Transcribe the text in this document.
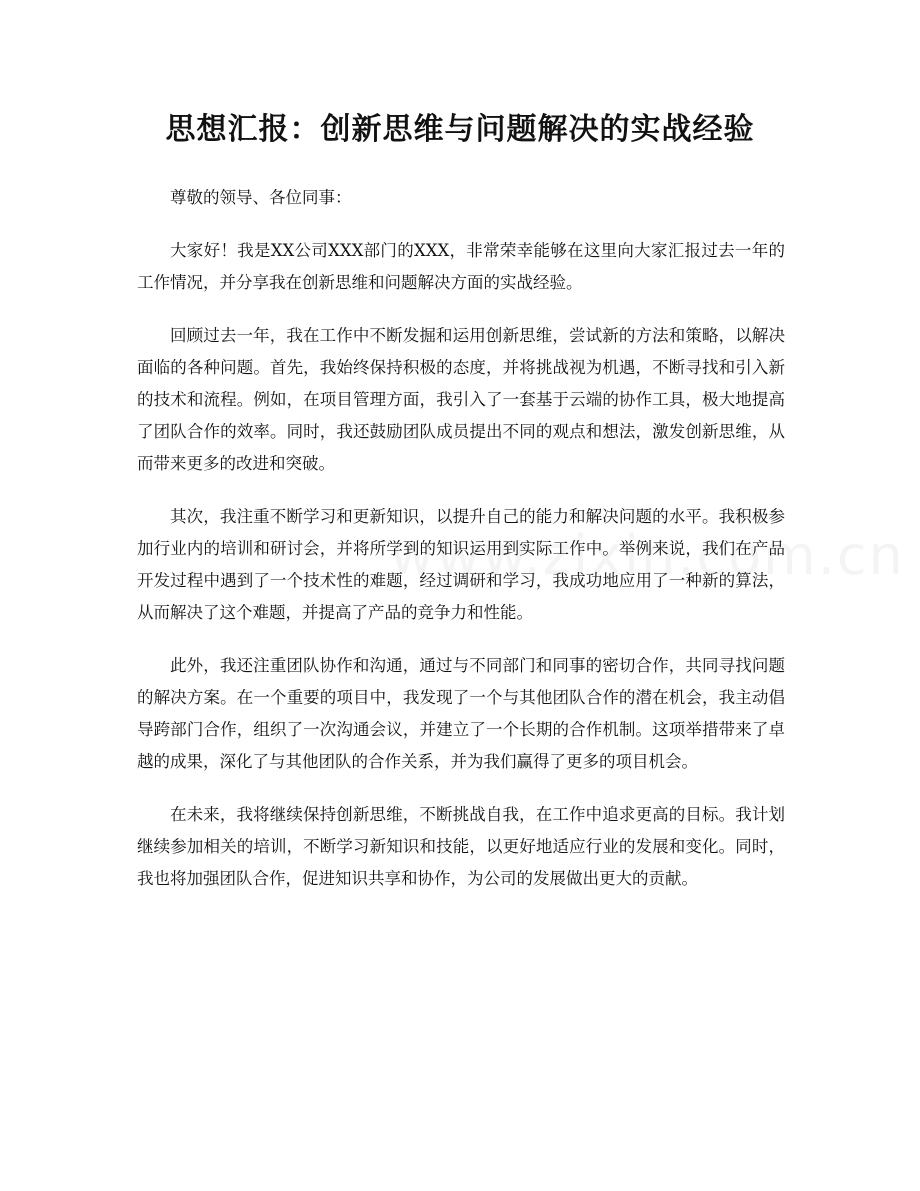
思想汇报：创新思维与问题解决的实战经验

尊敬的领导、各位同事：

大家好！我是XX公司XXX部门的XXX，非常荣幸能够在这里向大家汇报过去一年的工作情况，并分享我在创新思维和问题解决方面的实战经验。

回顾过去一年，我在工作中不断发掘和运用创新思维，尝试新的方法和策略，以解决面临的各种问题。首先，我始终保持积极的态度，并将挑战视为机遇，不断寻找和引入新的技术和流程。例如，在项目管理方面，我引入了一套基于云端的协作工具，极大地提高了团队合作的效率。同时，我还鼓励团队成员提出不同的观点和想法，激发创新思维，从而带来更多的改进和突破。

其次，我注重不断学习和更新知识，以提升自己的能力和解决问题的水平。我积极参加行业内的培训和研讨会，并将所学到的知识运用到实际工作中。举例来说，我们在产品开发过程中遇到了一个技术性的难题，经过调研和学习，我成功地应用了一种新的算法，从而解决了这个难题，并提高了产品的竞争力和性能。

此外，我还注重团队协作和沟通，通过与不同部门和同事的密切合作，共同寻找问题的解决方案。在一个重要的项目中，我发现了一个与其他团队合作的潜在机会，我主动倡导跨部门合作，组织了一次沟通会议，并建立了一个长期的合作机制。这项举措带来了卓越的成果，深化了与其他团队的合作关系，并为我们赢得了更多的项目机会。

在未来，我将继续保持创新思维，不断挑战自我，在工作中追求更高的目标。我计划继续参加相关的培训，不断学习新知识和技能，以更好地适应行业的发展和变化。同时，我也将加强团队合作，促进知识共享和协作，为公司的发展做出更大的贡献。
